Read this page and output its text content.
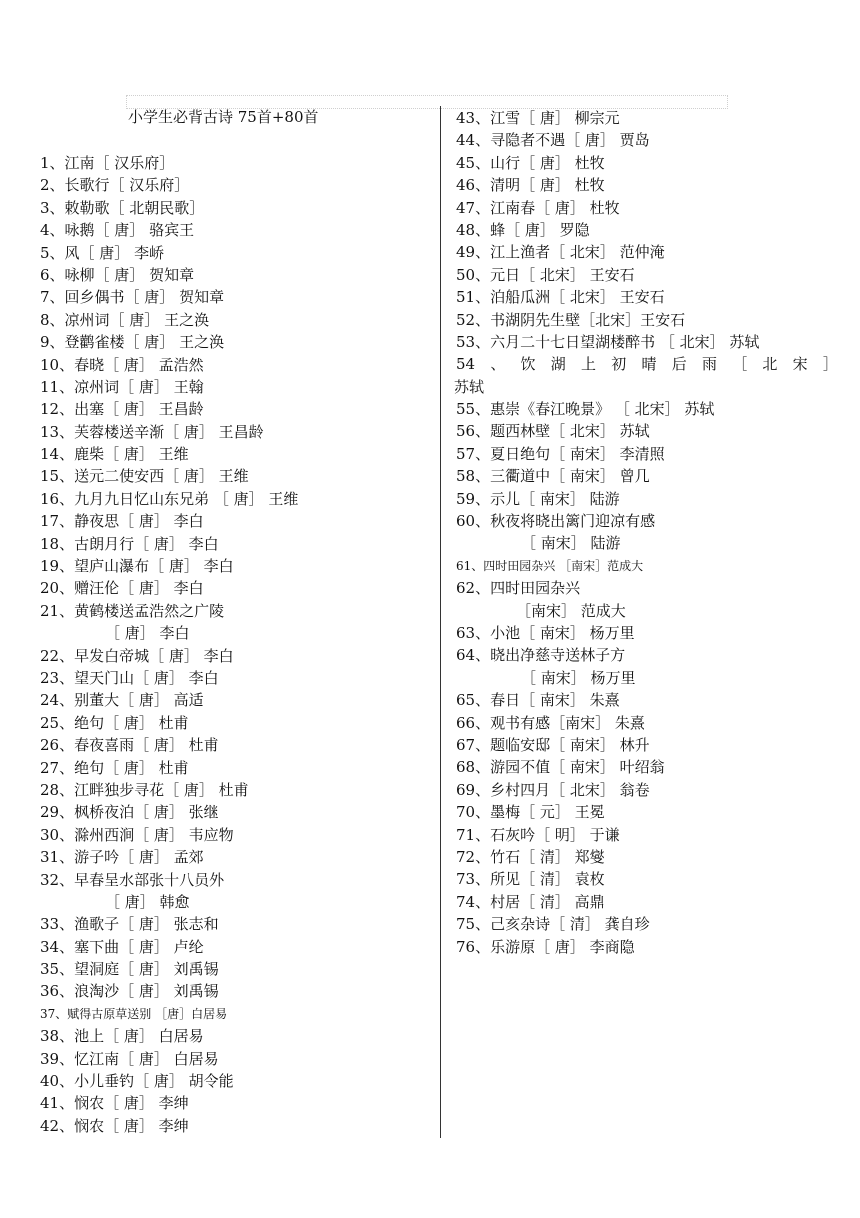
小学生必背古诗 75首+80首
1、江南［ 汉乐府］
2、长歌行［ 汉乐府］
3、敕勒歌［ 北朝民歌］
4、咏鹅［ 唐］ 骆宾王
5、风［ 唐］ 李峤
6、咏柳［ 唐］ 贺知章
7、回乡偶书［ 唐］ 贺知章
8、凉州词［ 唐］ 王之涣
9、登鹳雀楼［ 唐］ 王之涣
10、春晓［ 唐］ 孟浩然
11、凉州词［ 唐］ 王翰
12、出塞［ 唐］ 王昌龄
13、芙蓉楼送辛渐［ 唐］ 王昌龄
14、鹿柴［ 唐］ 王维
15、送元二使安西［ 唐］ 王维
16、九月九日忆山东兄弟 ［ 唐］ 王维
17、静夜思［ 唐］ 李白
18、古朗月行［ 唐］ 李白
19、望庐山瀑布［ 唐］ 李白
20、赠汪伦［ 唐］ 李白
21、黄鹤楼送孟浩然之广陵
［ 唐］ 李白
22、早发白帝城［ 唐］ 李白
23、望天门山［ 唐］ 李白
24、别董大［ 唐］ 高适
25、绝句［ 唐］ 杜甫
26、春夜喜雨［ 唐］ 杜甫
27、绝句［ 唐］ 杜甫
28、江畔独步寻花［ 唐］ 杜甫
29、枫桥夜泊［ 唐］ 张继
30、滁州西涧［ 唐］ 韦应物
31、游子吟［ 唐］ 孟郊
32、早春呈水部张十八员外
［ 唐］ 韩愈
33、渔歌子［ 唐］ 张志和
34、塞下曲［ 唐］ 卢纶
35、望洞庭［ 唐］ 刘禹锡
36、浪淘沙［ 唐］ 刘禹锡
37、赋得古原草送别 ［唐］白居易
38、池上［ 唐］ 白居易
39、忆江南［ 唐］ 白居易
40、小儿垂钓［ 唐］ 胡令能
41、悯农［ 唐］ 李绅
42、悯农［ 唐］ 李绅
43、江雪［ 唐］ 柳宗元
44、寻隐者不遇［ 唐］ 贾岛
45、山行［ 唐］ 杜牧
46、清明［ 唐］ 杜牧
47、江南春［ 唐］ 杜牧
48、蜂［ 唐］ 罗隐
49、江上渔者［ 北宋］ 范仲淹
50、元日［ 北宋］ 王安石
51、泊船瓜洲［ 北宋］ 王安石
52、书湖阴先生壁［北宋］王安石
53、六月二十七日望湖楼醉书 ［ 北宋］ 苏轼
54 、 饮 湖 上 初 晴 后 雨 ［ 北 宋 ］
苏轼
55、惠崇《春江晚景》 ［ 北宋］ 苏轼
56、题西林壁［ 北宋］ 苏轼
57、夏日绝句［ 南宋］ 李清照
58、三衢道中［ 南宋］ 曾几
59、示儿［ 南宋］ 陆游
60、秋夜将晓出篱门迎凉有感
［ 南宋］ 陆游
61、四时田园杂兴 ［南宋］范成大
62、四时田园杂兴
［南宋］ 范成大
63、小池［ 南宋］ 杨万里
64、晓出净慈寺送林子方
［ 南宋］ 杨万里
65、春日［ 南宋］ 朱熹
66、观书有感［南宋］ 朱熹
67、题临安邸［ 南宋］ 林升
68、游园不值［ 南宋］ 叶绍翁
69、乡村四月［ 北宋］ 翁卷
70、墨梅［ 元］ 王冕
71、石灰吟［ 明］ 于谦
72、竹石［ 清］ 郑燮
73、所见［ 清］ 袁枚
74、村居［ 清］ 高鼎
75、己亥杂诗［ 清］ 龚自珍
76、乐游原［ 唐］ 李商隐
